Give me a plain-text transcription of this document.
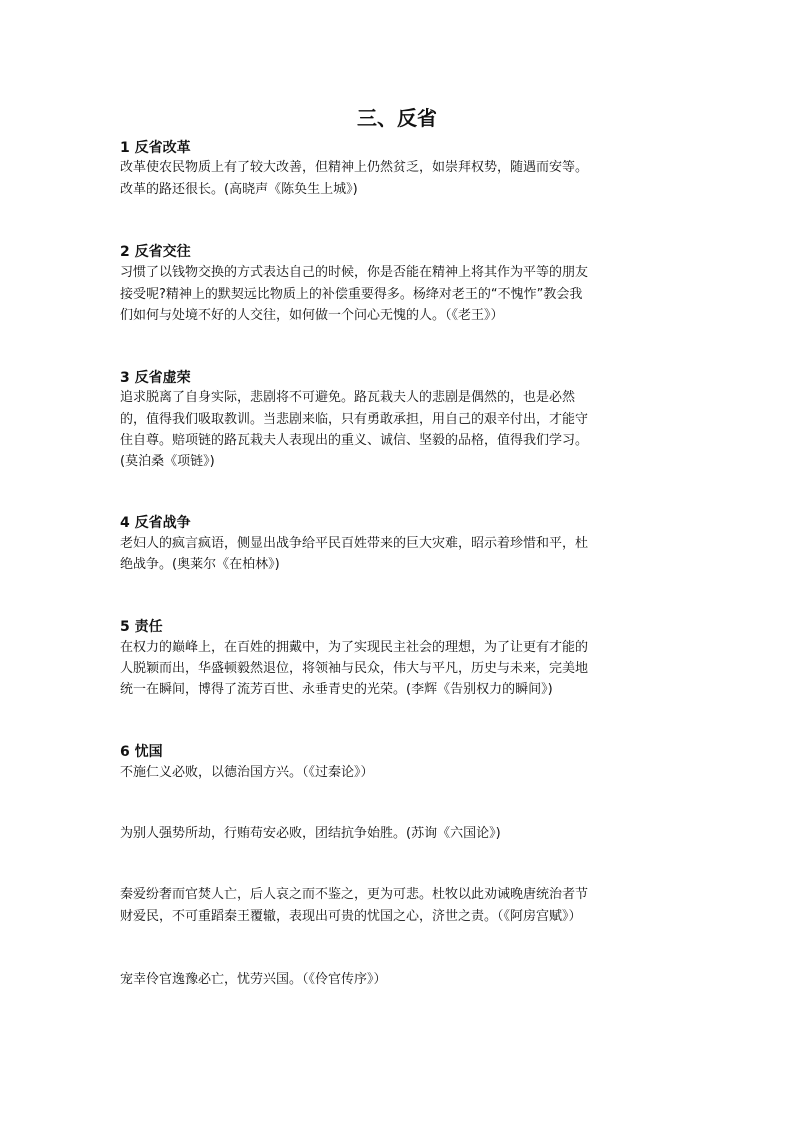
三、反省
1 反省改革
改革使农民物质上有了较大改善，但精神上仍然贫乏，如崇拜权势，随遇而安等。
改革的路还很长。(高晓声《陈奂生上城》)
2 反省交往
习惯了以钱物交换的方式表达自己的时候，你是否能在精神上将其作为平等的朋友
接受呢?精神上的默契远比物质上的补偿重要得多。杨绛对老王的“不愧怍”教会我
们如何与处境不好的人交往，如何做一个问心无愧的人。（《老王》）
3 反省虚荣
追求脱离了自身实际，悲剧将不可避免。路瓦栽夫人的悲剧是偶然的，也是必然
的，值得我们吸取教训。当悲剧来临，只有勇敢承担，用自己的艰辛付出，才能守
住自尊。赔项链的路瓦栽夫人表现出的重义、诚信、坚毅的品格，值得我们学习。
(莫泊桑《项链》)
4 反省战争
老妇人的疯言疯语，侧显出战争给平民百姓带来的巨大灾难，昭示着珍惜和平，杜
绝战争。(奥莱尔《在柏林》)
5 责任
在权力的巅峰上，在百姓的拥戴中，为了实现民主社会的理想，为了让更有才能的
人脱颖而出，华盛顿毅然退位，将领袖与民众，伟大与平凡，历史与未来，完美地
统一在瞬间，博得了流芳百世、永垂青史的光荣。(李辉《告别权力的瞬间》)
6 忧国
不施仁义必败，以德治国方兴。（《过秦论》）
为别人强势所劫，行贿苟安必败，团结抗争始胜。(苏询《六国论》)
秦爱纷奢而官焚人亡，后人哀之而不鉴之，更为可悲。杜牧以此劝诫晚唐统治者节
财爱民，不可重蹈秦王覆辙，表现出可贵的忧国之心，济世之责。（《阿房宫赋》）
宠幸伶官逸豫必亡，忧劳兴国。（《伶官传序》）
